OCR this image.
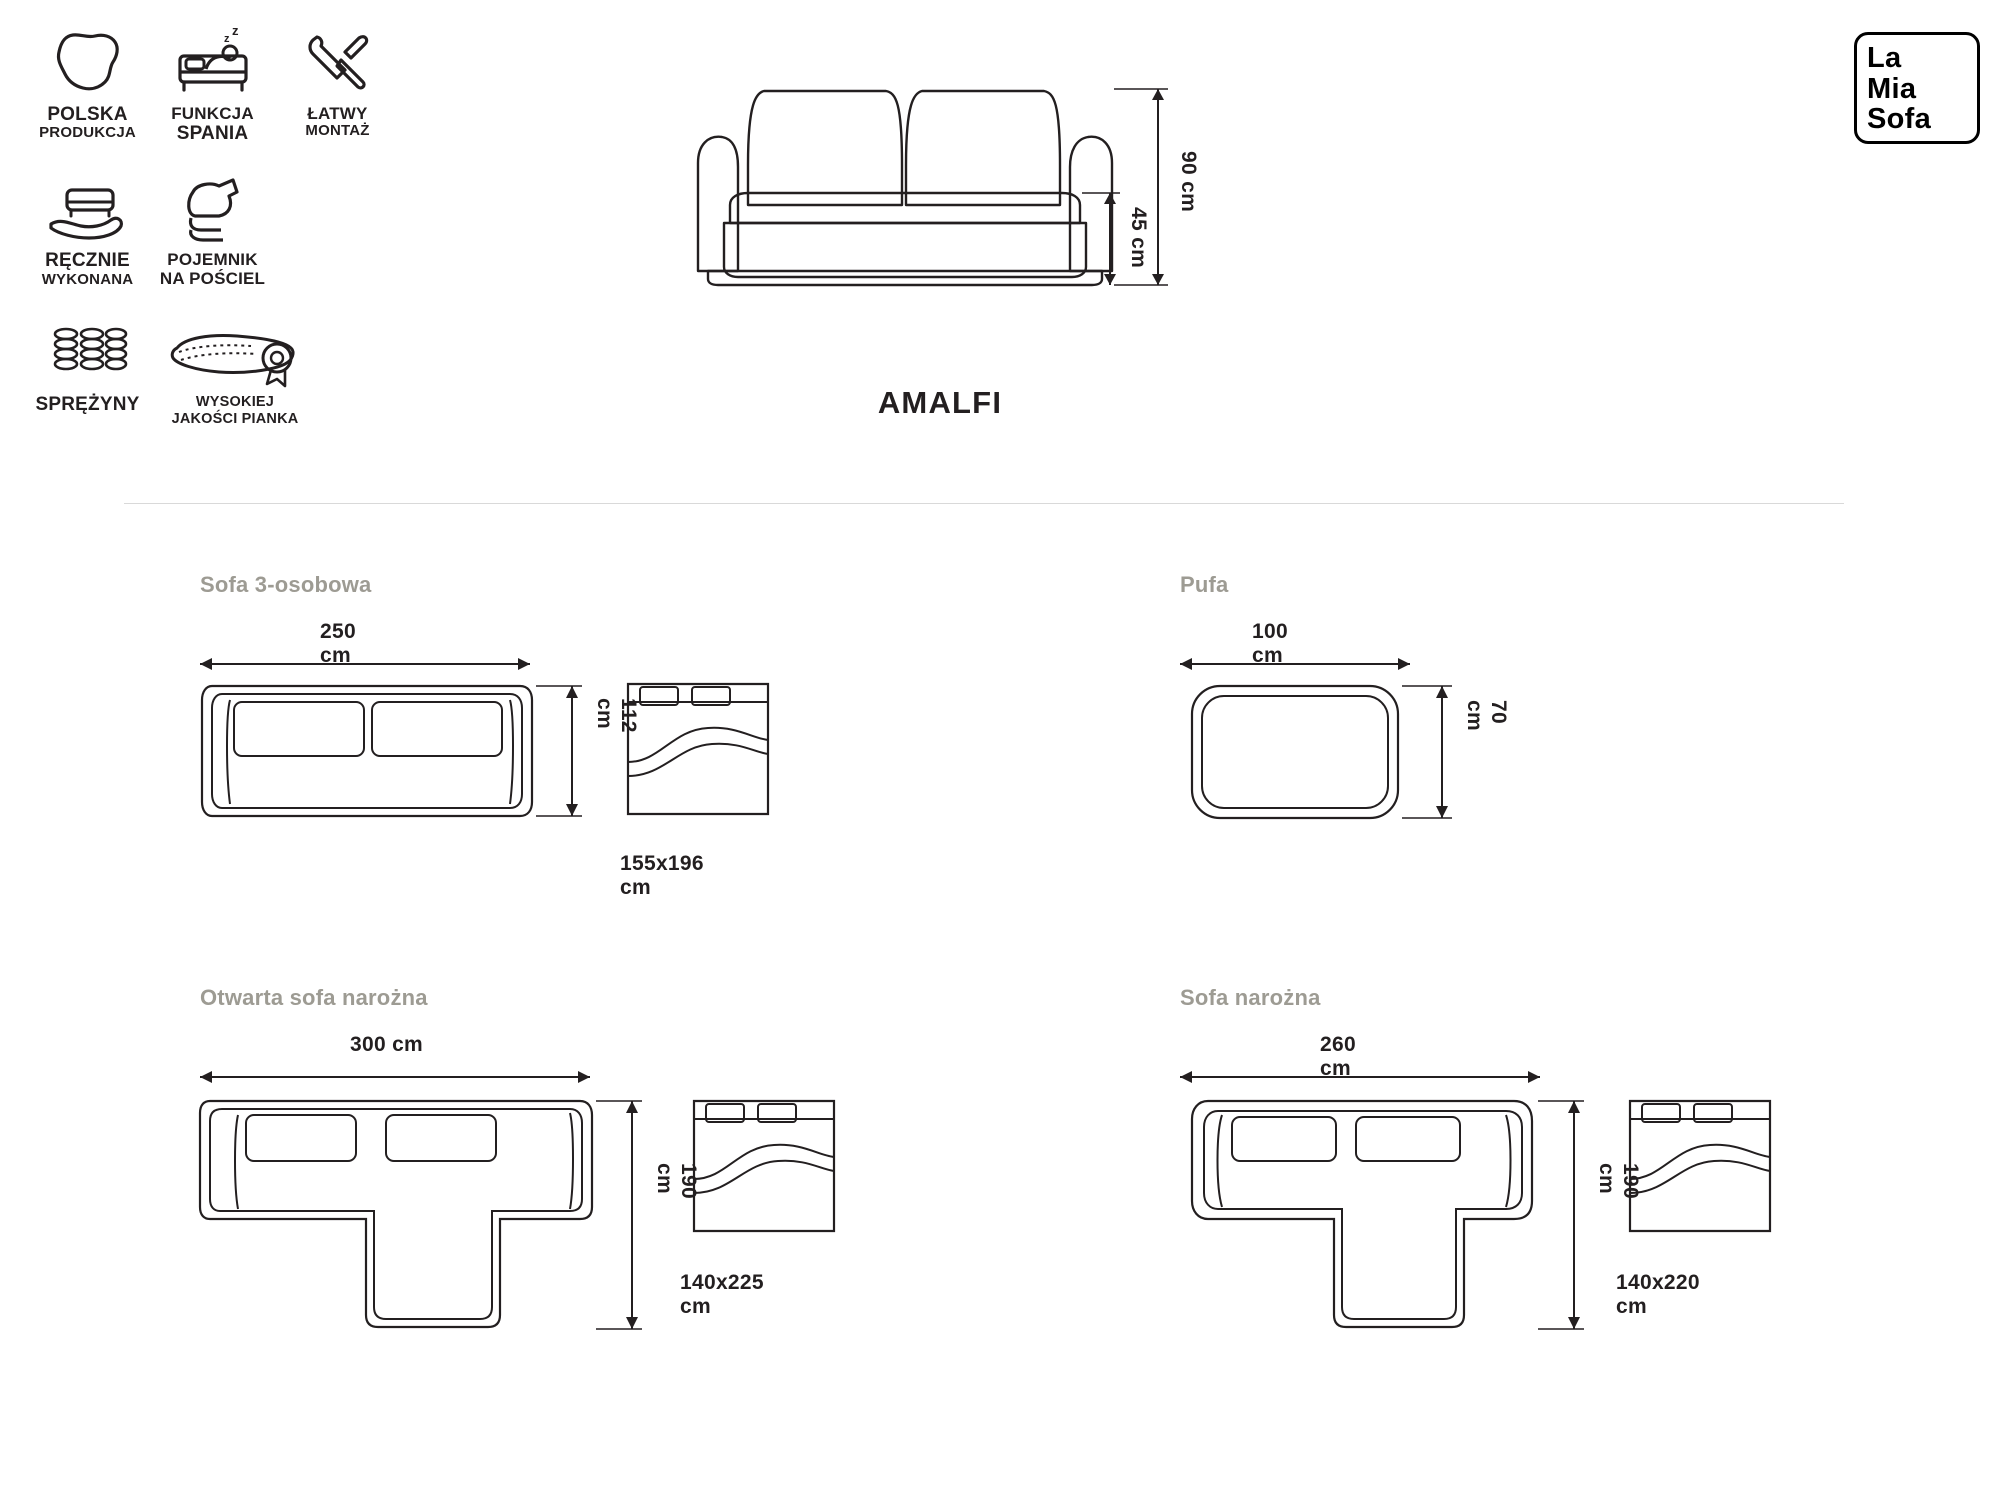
POLSKA
PRODUKCJA
z
z
FUNKCJA
SPANIA
ŁATWY
MONTAŻ
RĘCZNIE
WYKONANA
POJEMNIK
NA POŚCIEL
SPRĘŻYNY	WYSOKIEJ
JAKOŚCI PIANKA
La
Mia
Sofa
90 cm
45 cm
AMALFI
Sofa 3-osobowa
250 cm
112 cm
155x196 cm
Pufa
100 cm
70 cm
Otwarta sofa narożna
300 cm
190 cm
140x225 cm
Sofa narożna
260 cm
190 cm
140x220 cm
